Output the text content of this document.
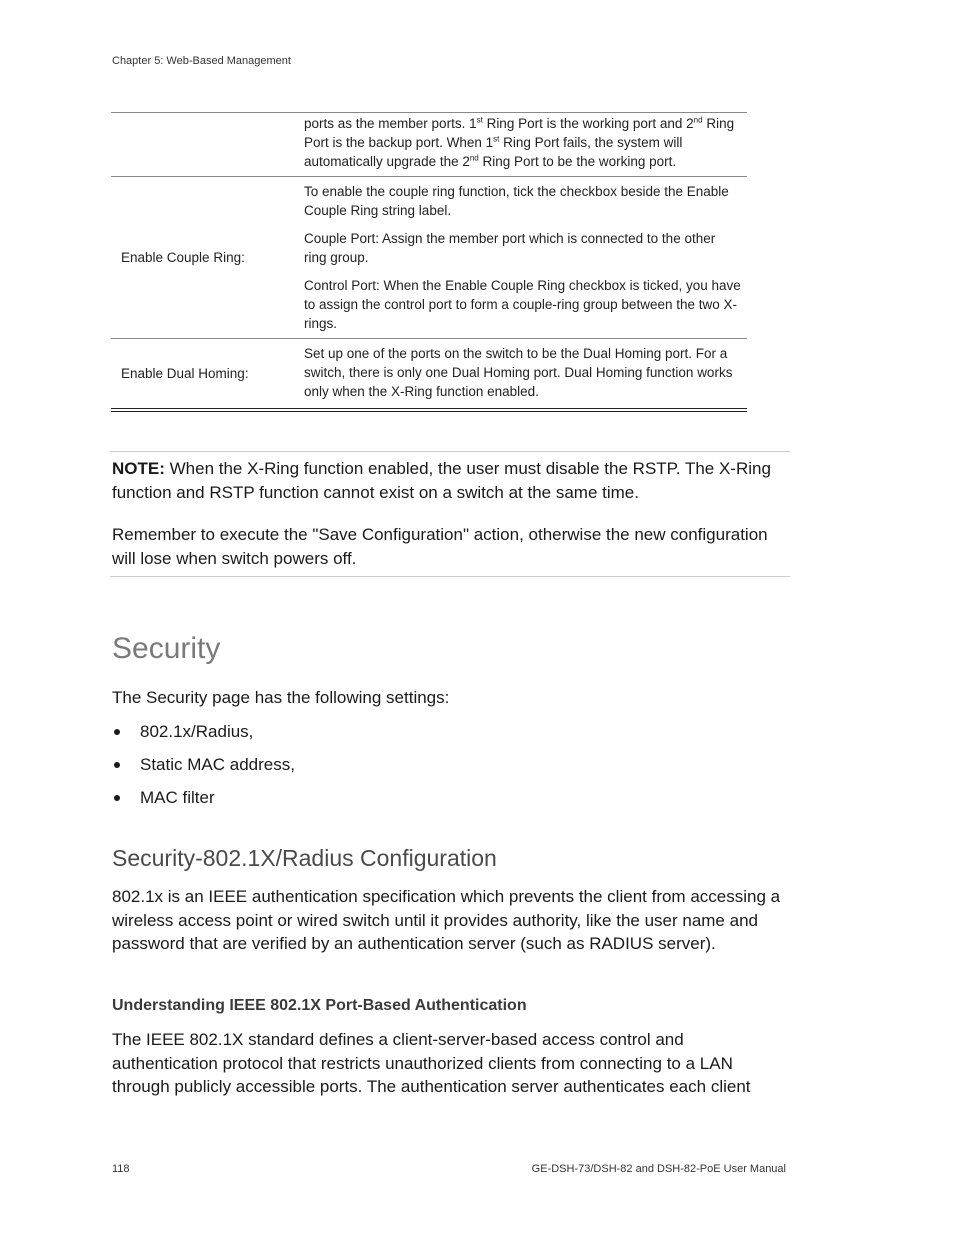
Chapter 5: Web-Based Management

	ports as the member ports. 1st Ring Port is the working port and 2nd Ring Port is the backup port. When 1st Ring Port fails, the system will automatically upgrade the 2nd Ring Port to be the working port.

Enable Couple Ring:	To enable the couple ring function, tick the checkbox beside the Enable Couple Ring string label.

Couple Port: Assign the member port which is connected to the other ring group.

Control Port: When the Enable Couple Ring checkbox is ticked, you have to assign the control port to form a couple-ring group between the two X-rings.

Enable Dual Homing:	Set up one of the ports on the switch to be the Dual Homing port. For a switch, there is only one Dual Homing port. Dual Homing function works only when the X-Ring function enabled.

NOTE: When the X-Ring function enabled, the user must disable the RSTP. The X-Ring function and RSTP function cannot exist on a switch at the same time.

Remember to execute the "Save Configuration" action, otherwise the new configuration will lose when switch powers off.

Security

The Security page has the following settings:

802.1x/Radius,
Static MAC address,
MAC filter
Security-802.1X/Radius Configuration

802.1x is an IEEE authentication specification which prevents the client from accessing a wireless access point or wired switch until it provides authority, like the user name and password that are verified by an authentication server (such as RADIUS server).

Understanding IEEE 802.1X Port-Based Authentication

The IEEE 802.1X standard defines a client-server-based access control and authentication protocol that restricts unauthorized clients from connecting to a LAN through publicly accessible ports. The authentication server authenticates each client

118	GE-DSH-73/DSH-82 and DSH-82-PoE User Manual
